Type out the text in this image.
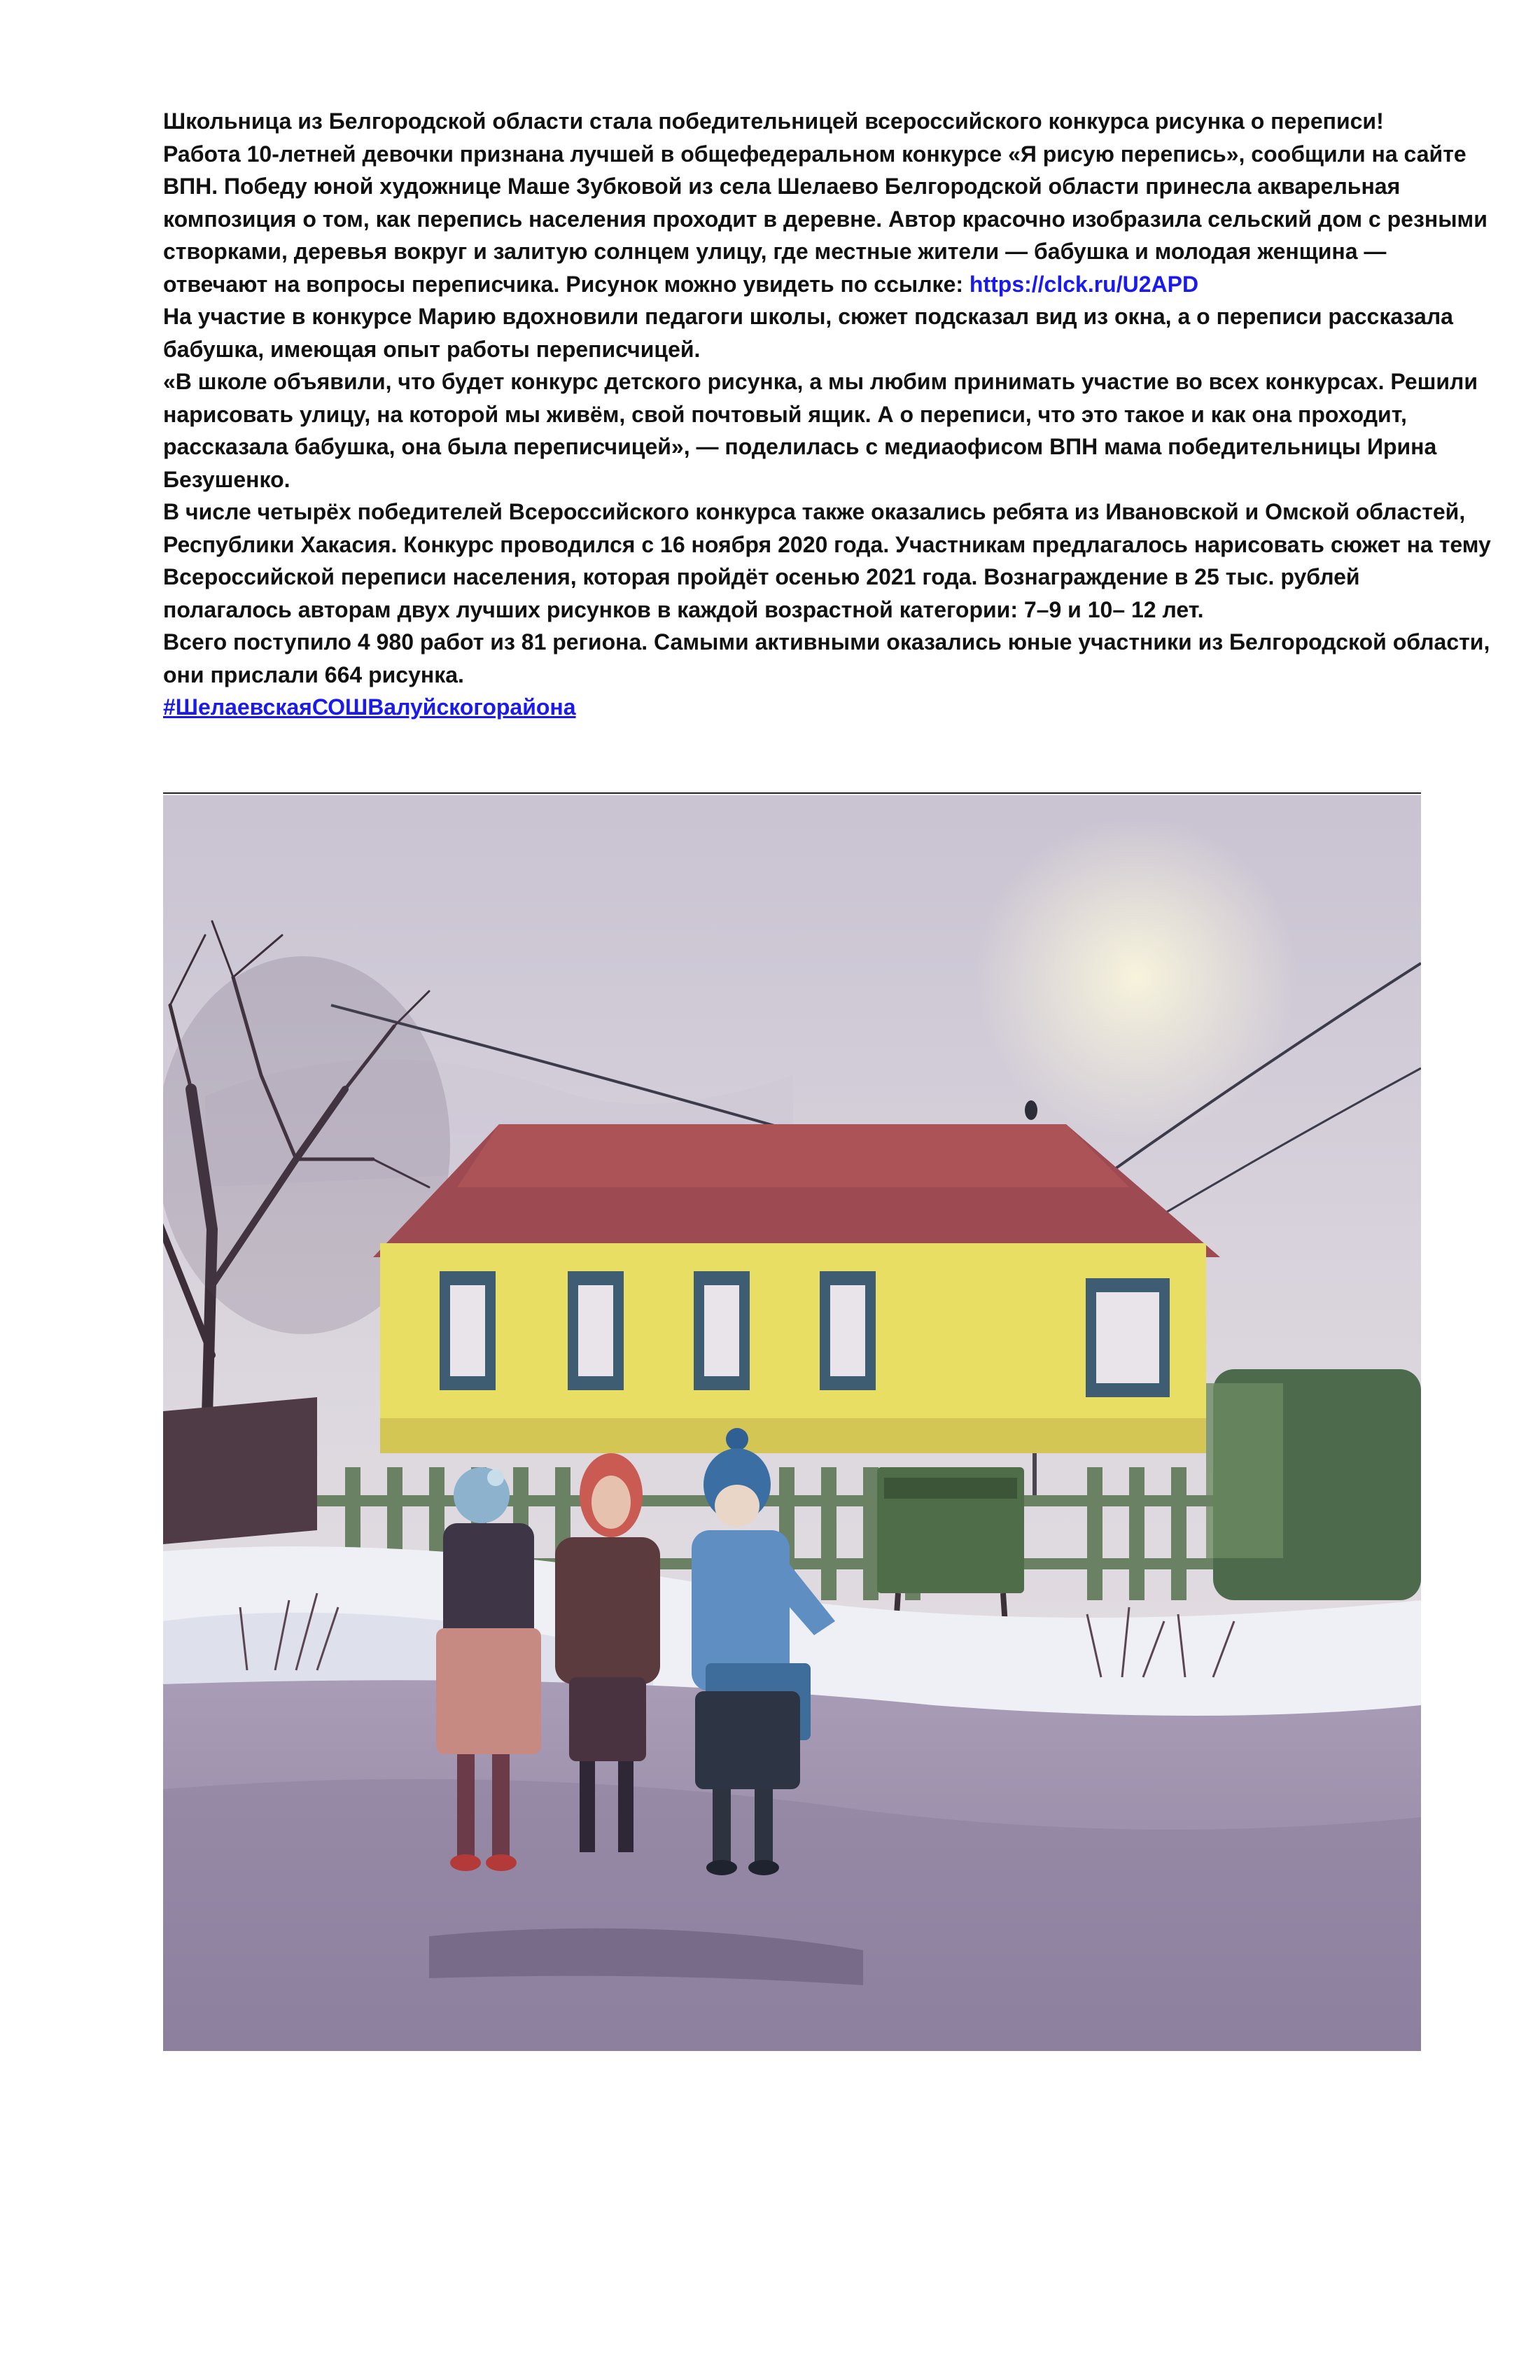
Школьница из Белгородской области стала победительницей всероссийского конкурса рисунка о переписи!

Работа 10-летней девочки признана лучшей в общефедеральном конкурсе «Я рисую перепись», сообщили на сайте ВПН. Победу юной художнице Маше Зубковой из села Шелаево Белгородской области принесла акварельная композиция о том, как перепись населения проходит в деревне. Автор красочно изобразила сельский дом с резными створками, деревья вокруг и залитую солнцем улицу, где местные жители — бабушка и молодая женщина — отвечают на вопросы переписчика. Рисунок можно увидеть по ссылке: https://clck.ru/U2APD

На участие в конкурсе Марию вдохновили педагоги школы, сюжет подсказал вид из окна, а о переписи рассказала бабушка, имеющая опыт работы переписчицей.

«В школе объявили, что будет конкурс детского рисунка, а мы любим принимать участие во всех конкурсах. Решили нарисовать улицу, на которой мы живём, свой почтовый ящик. А о переписи, что это такое и как она проходит, рассказала бабушка, она была переписчицей», — поделилась с медиаофисом ВПН мама победительницы Ирина Безушенко.

В числе четырёх победителей Всероссийского конкурса также оказались ребята из Ивановской и Омской областей, Республики Хакасия. Конкурс проводился с 16 ноября 2020 года. Участникам предлагалось нарисовать сюжет на тему Всероссийской переписи населения, которая пройдёт осенью 2021 года. Вознаграждение в 25 тыс. рублей полагалось авторам двух лучших рисунков в каждой возрастной категории: 7–9 и 10– 12 лет.

Всего поступило 4 980 работ из 81 региона. Самыми активными оказались юные участники из Белгородской области, они прислали 664 рисунка.

#ШелаевскаяСОШВалуйскогорайона
